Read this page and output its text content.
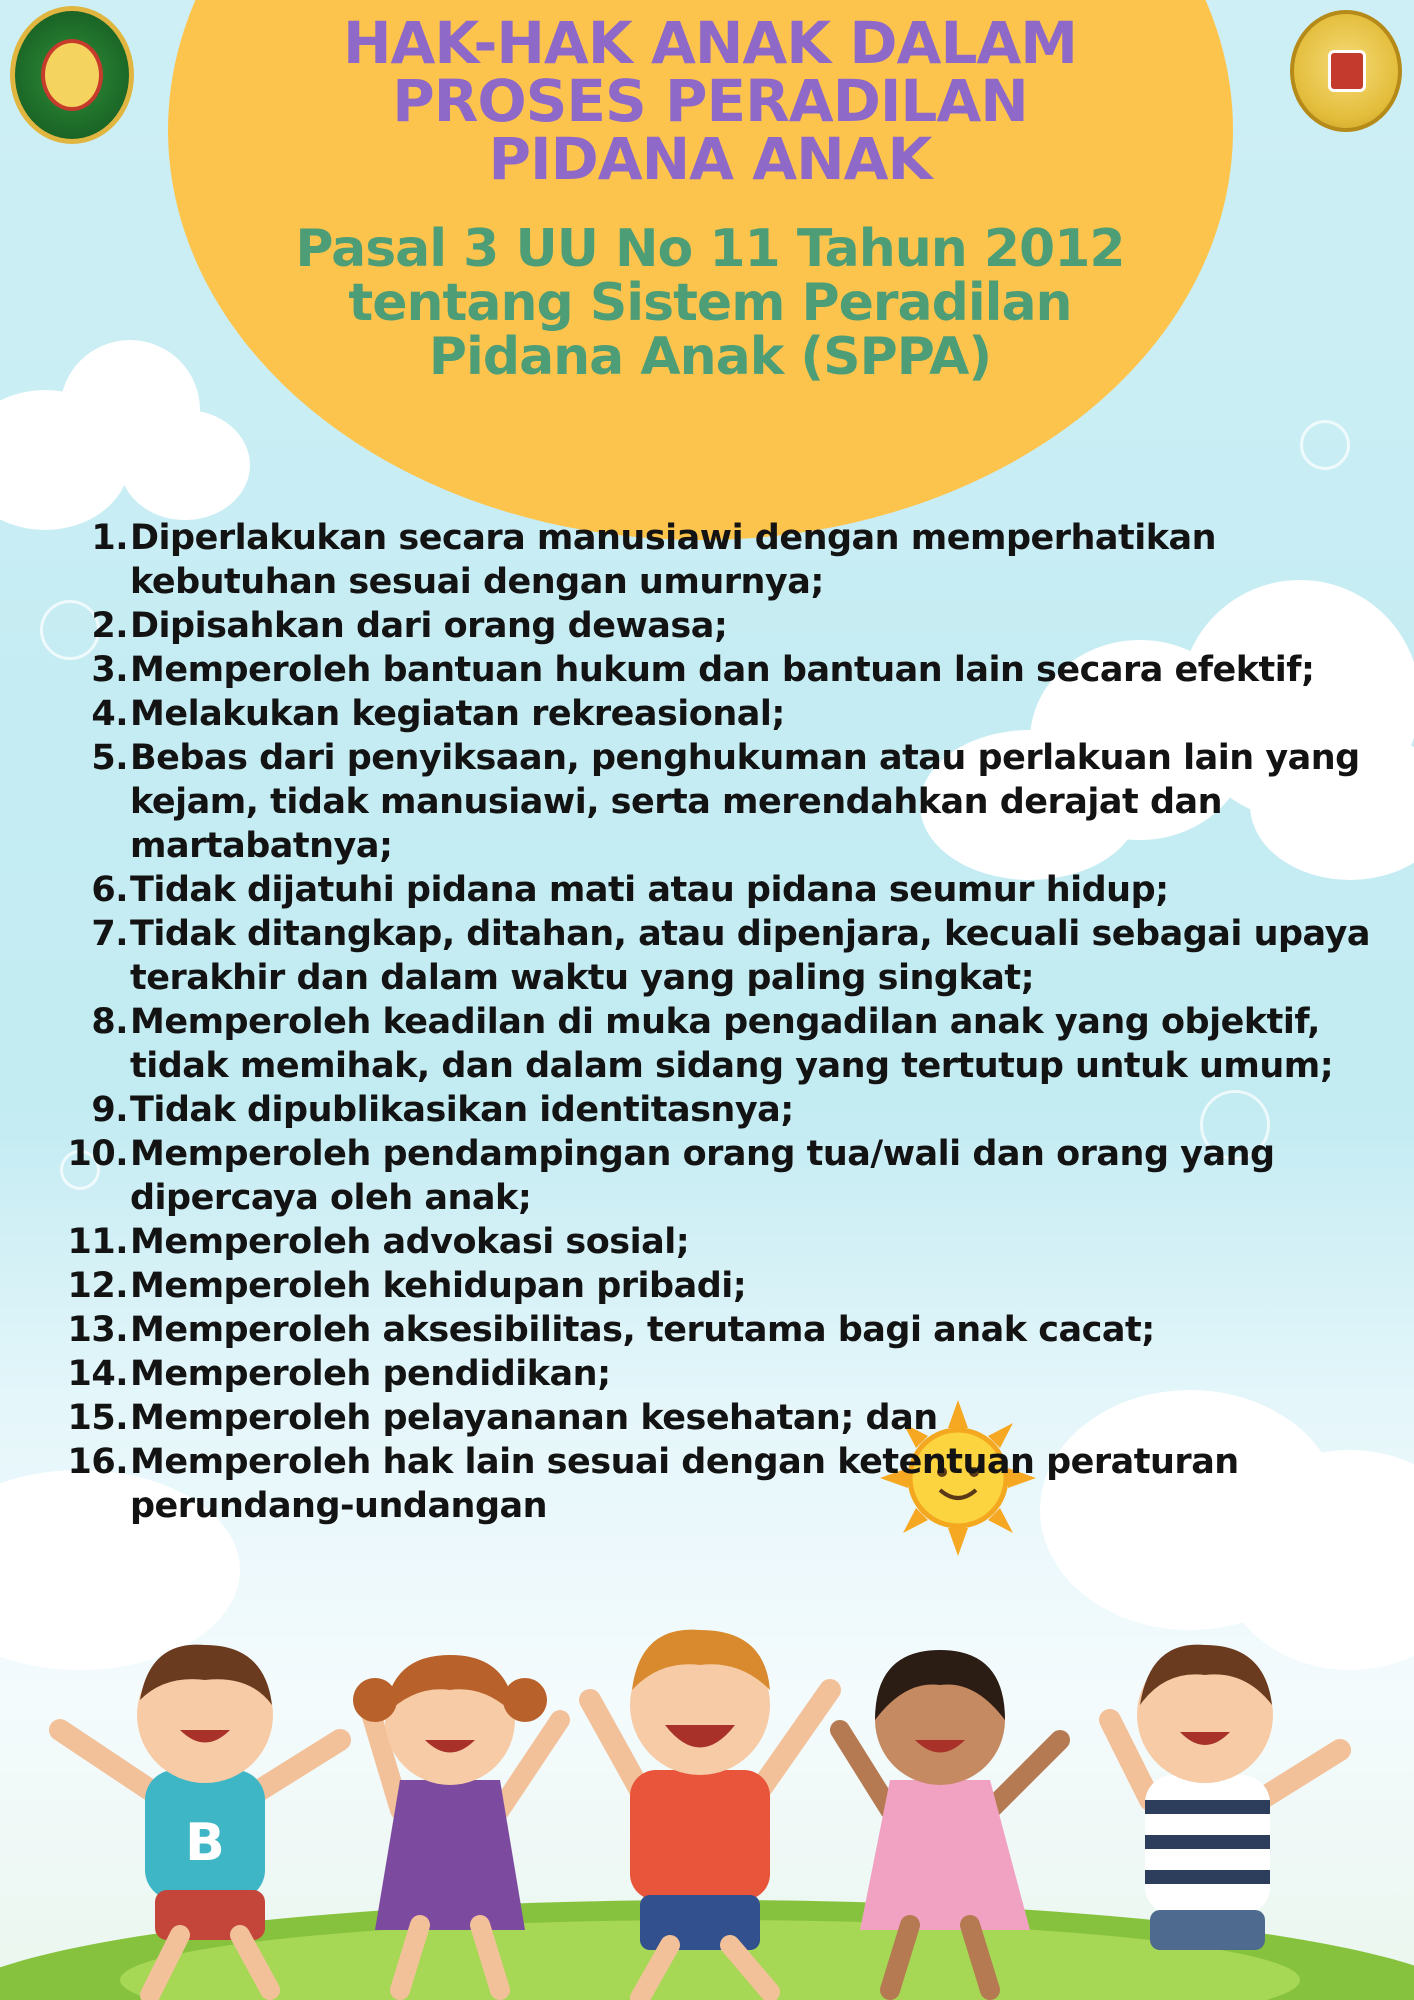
HAK-HAK ANAK DALAM
PROSES PERADILAN
PIDANA ANAK
Pasal 3 UU No 11 Tahun 2012
tentang Sistem Peradilan
Pidana Anak (SPPA)
B
1. Diperlakukan secara manusiawi dengan memperhatikan kebutuhan sesuai dengan umurnya;
2. Dipisahkan dari orang dewasa;
3. Memperoleh bantuan hukum dan bantuan lain secara efektif;
4. Melakukan kegiatan rekreasional;
5. Bebas dari penyiksaan, penghukuman atau perlakuan lain yang kejam, tidak manusiawi, serta merendahkan derajat dan martabatnya;
6. Tidak dijatuhi pidana mati atau pidana seumur hidup;
7. Tidak ditangkap, ditahan, atau dipenjara, kecuali sebagai upaya terakhir dan dalam waktu yang paling singkat;
8. Memperoleh keadilan di muka pengadilan anak yang objektif, tidak memihak, dan dalam sidang yang tertutup untuk umum;
9. Tidak dipublikasikan identitasnya;
10. Memperoleh pendampingan orang tua/wali dan orang yang dipercaya oleh anak;
11. Memperoleh advokasi sosial;
12. Memperoleh kehidupan pribadi;
13. Memperoleh aksesibilitas, terutama bagi anak cacat;
14. Memperoleh pendidikan;
15. Memperoleh pelayananan kesehatan; dan
16. Memperoleh hak lain sesuai dengan ketentuan peraturan perundang-undangan
